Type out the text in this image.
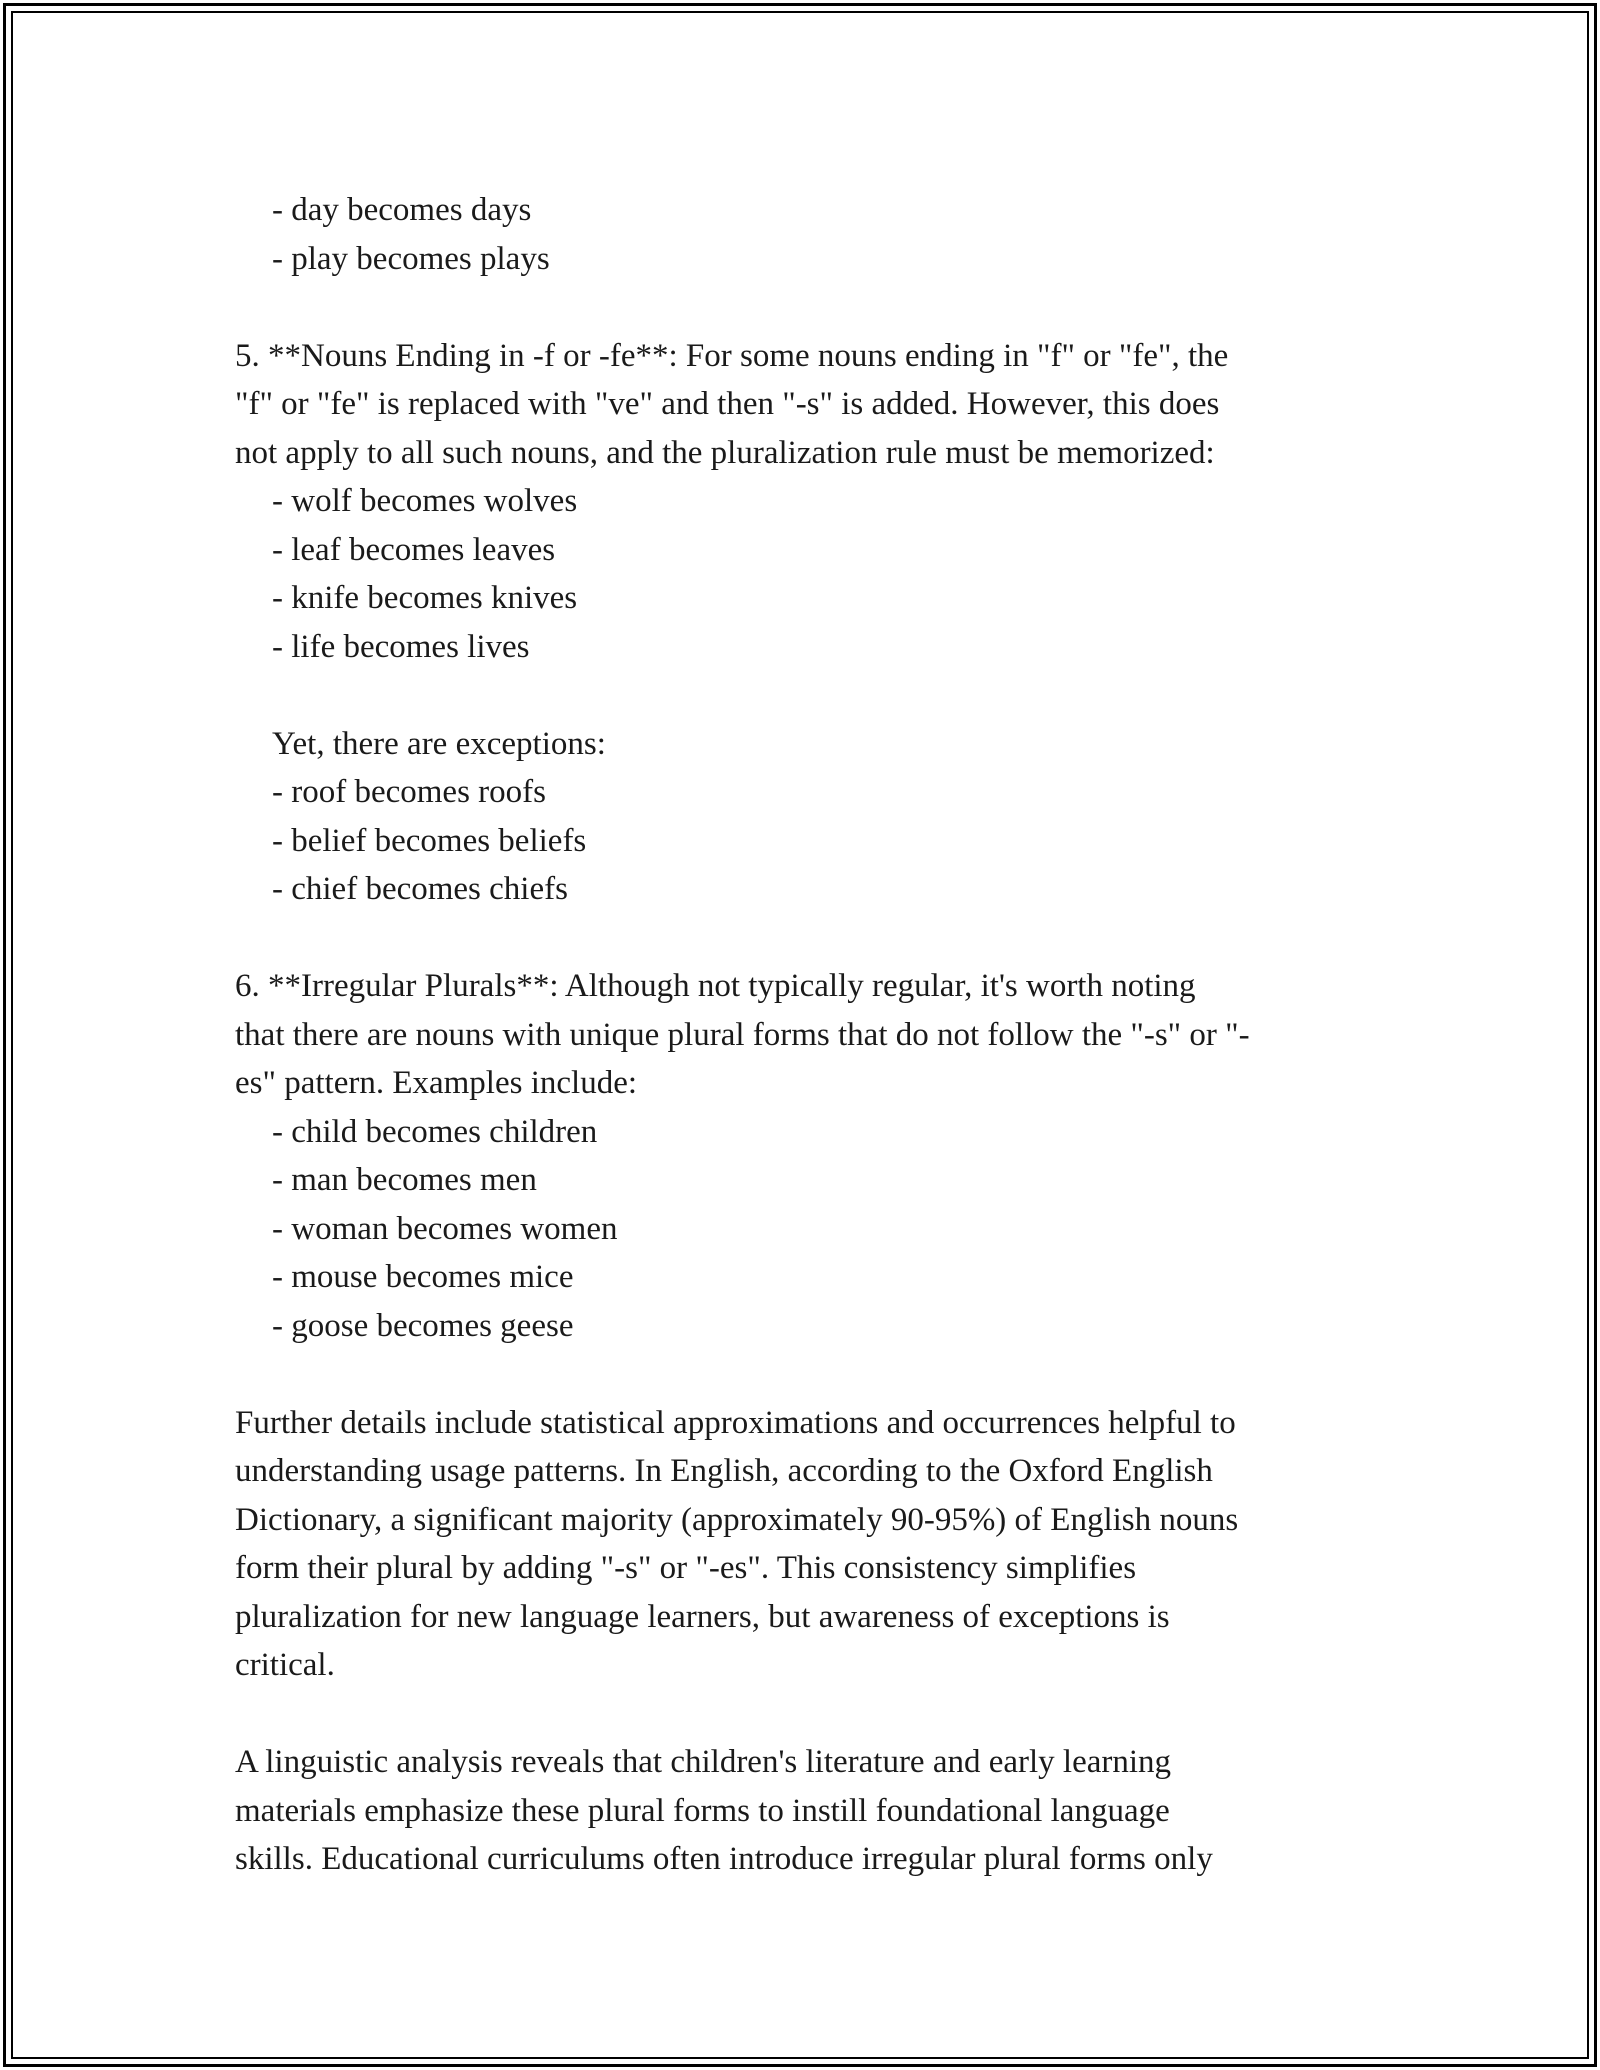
- day becomes days
- play becomes plays
5. **Nouns Ending in -f or -fe**: For some nouns ending in "f" or "fe", the
"f" or "fe" is replaced with "ve" and then "-s" is added. However, this does
not apply to all such nouns, and the pluralization rule must be memorized:
- wolf becomes wolves
- leaf becomes leaves
- knife becomes knives
- life becomes lives
Yet, there are exceptions:
- roof becomes roofs
- belief becomes beliefs
- chief becomes chiefs
6. **Irregular Plurals**: Although not typically regular, it's worth noting
that there are nouns with unique plural forms that do not follow the "-s" or "-
es" pattern. Examples include:
- child becomes children
- man becomes men
- woman becomes women
- mouse becomes mice
- goose becomes geese
Further details include statistical approximations and occurrences helpful to
understanding usage patterns. In English, according to the Oxford English
Dictionary, a significant majority (approximately 90-95%) of English nouns
form their plural by adding "-s" or "-es". This consistency simplifies
pluralization for new language learners, but awareness of exceptions is
critical.
A linguistic analysis reveals that children's literature and early learning
materials emphasize these plural forms to instill foundational language
skills. Educational curriculums often introduce irregular plural forms only
